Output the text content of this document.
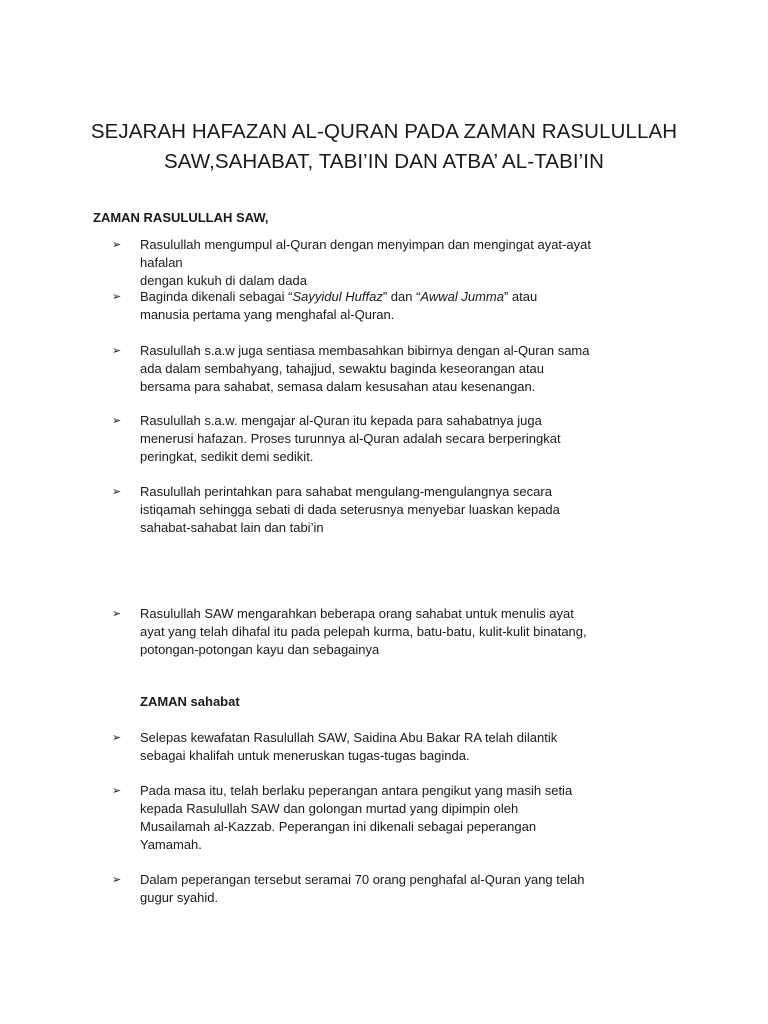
SEJARAH HAFAZAN AL-QURAN PADA ZAMAN RASULULLAH
SAW,SAHABAT, TABI’IN DAN ATBA’ AL-TABI’IN
ZAMAN RASULULLAH SAW,
➢	Rasulullah mengumpul al-Quran dengan menyimpan dan mengingat ayat-ayat hafalan
dengan kukuh di dalam dada
➢	Baginda dikenali sebagai “Sayyidul Huffaz” dan “Awwal Jumma” atau
manusia pertama yang menghafal al-Quran.
➢	Rasulullah s.a.w juga sentiasa membasahkan bibirnya dengan al-Quran sama
ada dalam sembahyang, tahajjud, sewaktu baginda keseorangan atau
bersama para sahabat, semasa dalam kesusahan atau kesenangan.
➢	Rasulullah s.a.w. mengajar al-Quran itu kepada para sahabatnya juga
menerusi hafazan. Proses turunnya al-Quran adalah secara berperingkat
peringkat, sedikit demi sedikit.
➢	Rasulullah perintahkan para sahabat mengulang-mengulangnya secara
istiqamah sehingga sebati di dada seterusnya menyebar luaskan kepada
sahabat-sahabat lain dan tabi’in
➢	Rasulullah SAW mengarahkan beberapa orang sahabat untuk menulis ayat
ayat yang telah dihafal itu pada pelepah kurma, batu-batu, kulit-kulit binatang,
potongan-potongan kayu dan sebagainya
ZAMAN sahabat
➢	Selepas kewafatan Rasulullah SAW, Saidina Abu Bakar RA telah dilantik
sebagai khalifah untuk meneruskan tugas-tugas baginda.
➢	Pada masa itu, telah berlaku peperangan antara pengikut yang masih setia
kepada Rasulullah SAW dan golongan murtad yang dipimpin oleh
Musailamah al-Kazzab. Peperangan ini dikenali sebagai peperangan
Yamamah.
➢	Dalam peperangan tersebut seramai 70 orang penghafal al-Quran yang telah
gugur syahid.
